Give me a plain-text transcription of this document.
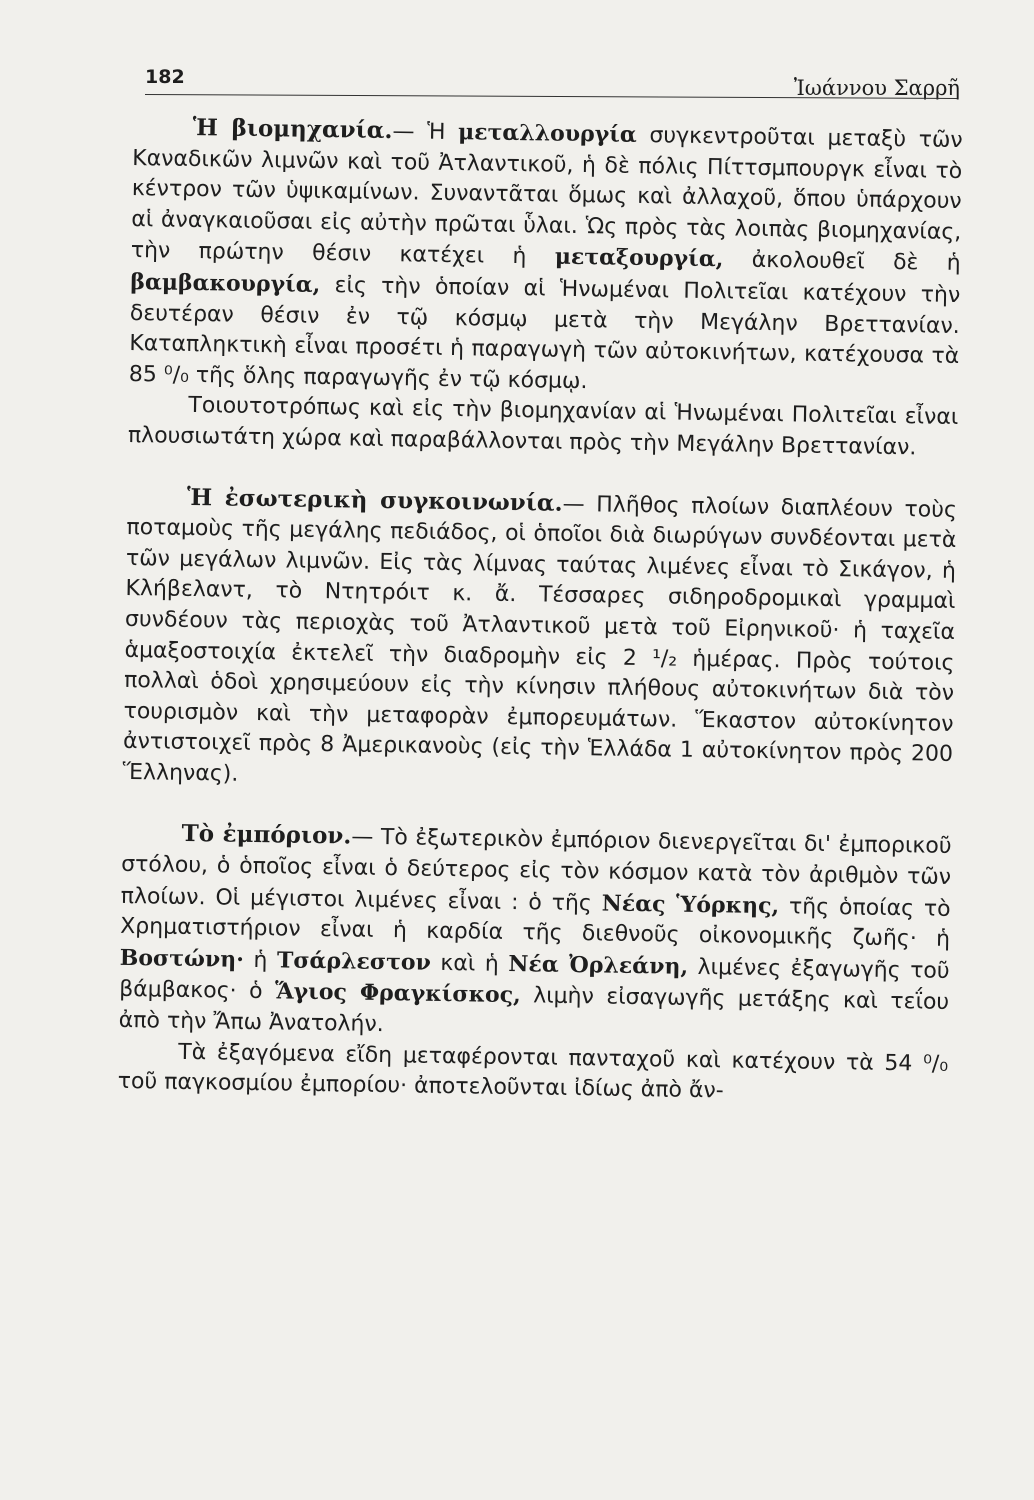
182	Ἰωάννου Σαρρῆ

Ἡ βιομηχανία.— Ἡ μεταλλουργία συγκεντροῦται μεταξὺ τῶν Καναδικῶν λιμνῶν καὶ τοῦ Ἀτλαντικοῦ, ἡ δὲ πόλις Πίττσμπουργκ εἶναι τὸ κέντρον τῶν ὑψικαμίνων. Συναντᾶται ὅμως καὶ ἀλλαχοῦ, ὅπου ὑπάρχουν αἱ ἀναγκαιοῦσαι εἰς αὐτὴν πρῶται ὗλαι. Ὡς πρὸς τὰς λοιπὰς βιομηχανίας, τὴν πρώτην θέσιν κατέχει ἡ μεταξουργία, ἀκολουθεῖ δὲ ἡ βαμβακουργία, εἰς τὴν ὁποίαν αἱ Ἡνωμέναι Πολιτεῖαι κατέχουν τὴν δευτέραν θέσιν ἐν τῷ κόσμῳ μετὰ τὴν Μεγάλην Βρεττανίαν. Καταπληκτικὴ εἶναι προσέτι ἡ παραγωγὴ τῶν αὐτοκινήτων, κατέχουσα τὰ 85 ⁰/₀ τῆς ὅλης παραγωγῆς ἐν τῷ κόσμῳ.

Τοιουτοτρόπως καὶ εἰς τὴν βιομηχανίαν αἱ Ἡνωμέναι Πολιτεῖαι εἶναι πλουσιωτάτη χώρα καὶ παραβάλλονται πρὸς τὴν Μεγάλην Βρεττανίαν.

Ἡ ἐσωτερικὴ συγκοινωνία.— Πλῆθος πλοίων διαπλέουν τοὺς ποταμοὺς τῆς μεγάλης πεδιάδος, οἱ ὁποῖοι διὰ διωρύγων συνδέονται μετὰ τῶν μεγάλων λιμνῶν. Εἰς τὰς λίμνας ταύτας λιμένες εἶναι τὸ Σικάγον, ἡ Κλήβελαντ, τὸ Ντητρόιτ κ. ἄ. Τέσσαρες σιδηροδρομικαὶ γραμμαὶ συνδέουν τὰς περιοχὰς τοῦ Ἀτλαντικοῦ μετὰ τοῦ Εἰρηνικοῦ· ἡ ταχεῖα ἁμαξοστοιχία ἐκτελεῖ τὴν διαδρομὴν εἰς 2 ¹/₂ ἡμέρας. Πρὸς τούτοις πολλαὶ ὁδοὶ χρησιμεύουν εἰς τὴν κίνησιν πλήθους αὐτοκινήτων διὰ τὸν τουρισμὸν καὶ τὴν μεταφορὰν ἐμπορευμάτων. Ἕκαστον αὐτοκίνητον ἀντιστοιχεῖ πρὸς 8 Ἀμερικανοὺς (εἰς τὴν Ἑλλάδα 1 αὐτοκίνητον πρὸς 200 Ἕλληνας).

Τὸ ἐμπόριον.— Τὸ ἐξωτερικὸν ἐμπόριον διενεργεῖται δι' ἐμπορικοῦ στόλου, ὁ ὁποῖος εἶναι ὁ δεύτερος εἰς τὸν κόσμον κατὰ τὸν ἀριθμὸν τῶν πλοίων. Οἱ μέγιστοι λιμένες εἶναι : ὁ τῆς Νέας Ὑόρκης, τῆς ὁποίας τὸ Χρηματιστήριον εἶναι ἡ καρδία τῆς διεθνοῦς οἰκονομικῆς ζωῆς· ἡ Βοστώνη· ἡ Τσάρλεστον καὶ ἡ Νέα Ὀρλεάνη, λιμένες ἐξαγωγῆς τοῦ βάμβακος· ὁ Ἅγιος Φραγκίσκος, λιμὴν εἰσαγωγῆς μετάξης καὶ τεΐου ἀπὸ τὴν Ἄπω Ἀνατολήν.

Τὰ ἐξαγόμενα εἴδη μεταφέρονται πανταχοῦ καὶ κατέχουν τὰ 54 ⁰/₀ τοῦ παγκοσμίου ἐμπορίου· ἀποτελοῦνται ἰδίως ἀπὸ ἄν-
